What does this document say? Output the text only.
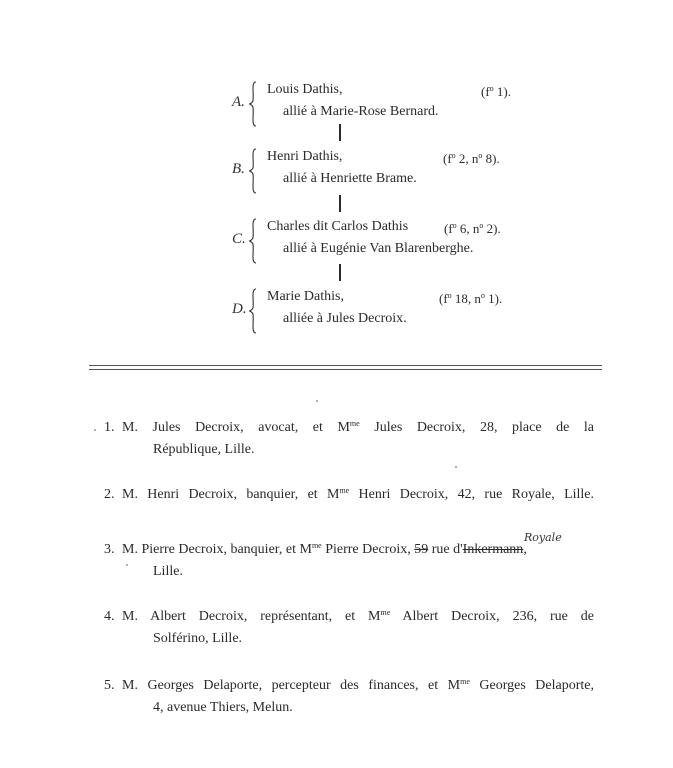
A.
Louis Dathis,	($f^o$ 1).
allié à Marie-Rose Bernard.
B.
Henri Dathis,	($f^o$ 2, $n^o$ 8).
allié à Henriette Brame.
C.
Charles dit Carlos Dathis	($f^o$ 6, $n^o$ 2).
allié à Eugénie Van Blarenberghe.
D.
Marie Dathis,	($f^o$ 18, $n^o$ 1).
alliée à Jules Decroix.
1. M. Jules Decroix, avocat, et $M^{me}$ Jules Decroix, 28, place de la
République, Lille.
2. M. Henri Decroix, banquier, et $M^{me}$ Henri Decroix, 42, rue Royale, Lille.
3. M. Pierre Decroix, banquier, et $M^{me}$ Pierre Decroix, 59 rue d'Inkermann,
Lille.
Royale
4. M. Albert Decroix, représentant, et $M^{me}$ Albert Decroix, 236, rue de
Solférino, Lille.
5. M. Georges Delaporte, percepteur des finances, et $M^{me}$ Georges Delaporte,
4, avenue Thiers, Melun.
